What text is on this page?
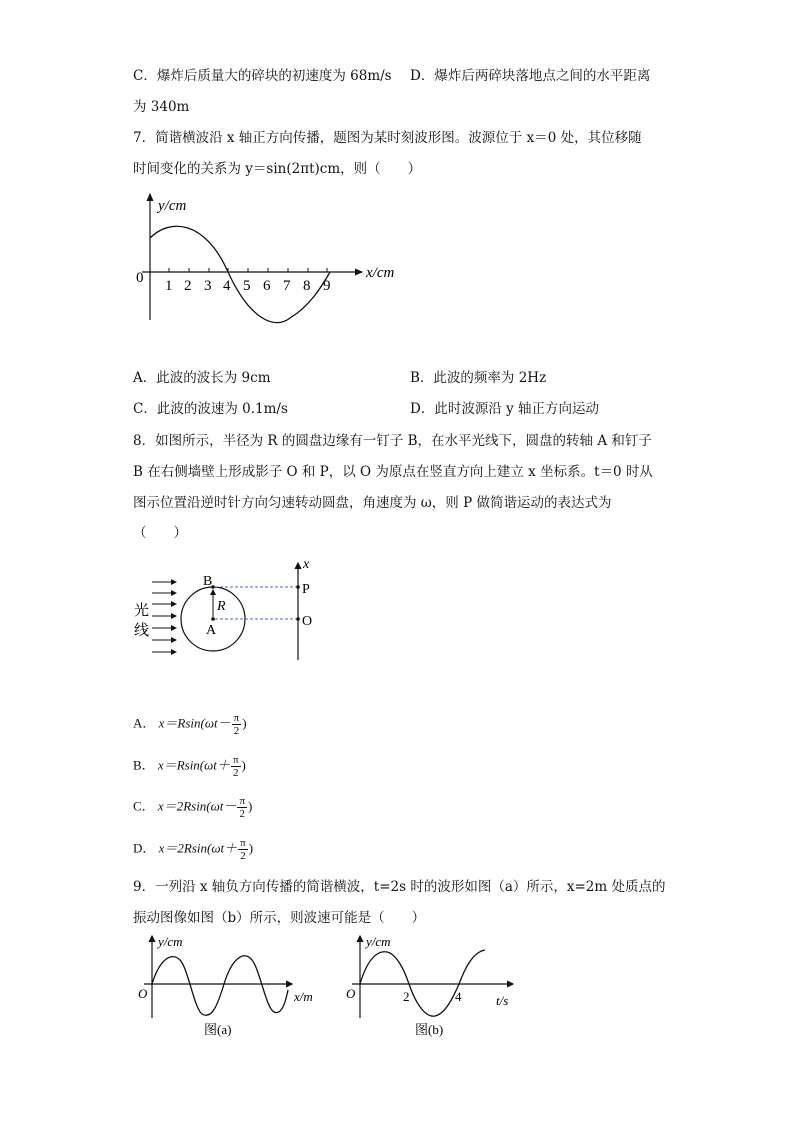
C．爆炸后质量大的碎块的初速度为 68m/s D．爆炸后两碎块落地点之间的水平距离
为 340m
7．简谐横波沿 x 轴正方向传播，题图为某时刻波形图。波源位于 x＝0 处，其位移随
时间变化的关系为 y＝sin(2πt)cm，则（　　）
y/cm
x/cm
0 1 2 3 4 5 6 7 8 9
A．此波的波长为 9cm	B．此波的频率为 2Hz
C．此波的波速为 0.1m/s	D．此时波源沿 y 轴正方向运动
8．如图所示，半径为 R 的圆盘边缘有一钉子 B，在水平光线下，圆盘的转轴 A 和钉子
B 在右侧墙壁上形成影子 O 和 P，以 O 为原点在竖直方向上建立 x 坐标系。t＝0 时从
图示位置沿逆时针方向匀速转动圆盘，角速度为 ω，则 P 做简谐运动的表达式为
（　　）
光
线
B
R
A
x
P
O
A． $x=Rsin(\omega t- \frac{\pi}{2}$ )
B． $x=Rsin(\omega t+ \frac{\pi}{2}$ )
C． $x=2Rsin(\omega t- \frac{\pi}{2}$ )
D． $x=2Rsin(\omega t+ \frac{\pi}{2}$ )
9．一列沿 x 轴负方向传播的简谐横波，t=2s 时的波形如图（a）所示，x=2m 处质点的
振动图像如图（b）所示，则波速可能是（　　）
y/cm
x/m
O
图(a)
y/cm
t/s
O	2	4
图(b)
